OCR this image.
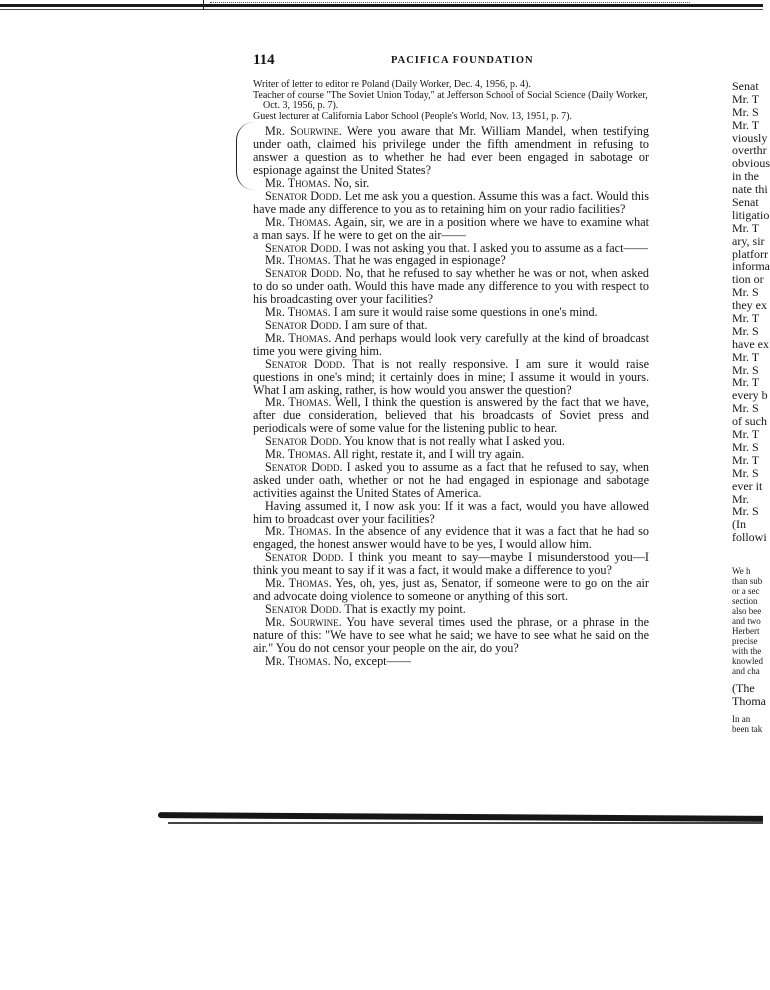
114	PACIFICA FOUNDATION
Writer of letter to editor re Poland (Daily Worker, Dec. 4, 1956, p. 4).
Teacher of course "The Soviet Union Today," at Jefferson School of Social Science (Daily Worker, Oct. 3, 1956, p. 7).
Guest lecturer at California Labor School (People's World, Nov. 13, 1951, p. 7).

Mr. Sourwine. Were you aware that Mr. William Mandel, when testifying under oath, claimed his privilege under the fifth amendment in refusing to answer a question as to whether he had ever been engaged in sabotage or espionage against the United States?

Mr. Thomas. No, sir.

Senator Dodd. Let me ask you a question. Assume this was a fact. Would this have made any difference to you as to retaining him on your radio facilities?

Mr. Thomas. Again, sir, we are in a position where we have to examine what a man says. If he were to get on the air——

Senator Dodd. I was not asking you that. I asked you to assume as a fact——

Mr. Thomas. That he was engaged in espionage?

Senator Dodd. No, that he refused to say whether he was or not, when asked to do so under oath. Would this have made any difference to you with respect to his broadcasting over your facilities?

Mr. Thomas. I am sure it would raise some questions in one's mind.

Senator Dodd. I am sure of that.

Mr. Thomas. And perhaps would look very carefully at the kind of broadcast time you were giving him.

Senator Dodd. That is not really responsive. I am sure it would raise questions in one's mind; it certainly does in mine; I assume it would in yours. What I am asking, rather, is how would you answer the question?

Mr. Thomas. Well, I think the question is answered by the fact that we have, after due consideration, believed that his broadcasts of Soviet press and periodicals were of some value for the listening public to hear.

Senator Dodd. You know that is not really what I asked you.

Mr. Thomas. All right, restate it, and I will try again.

Senator Dodd. I asked you to assume as a fact that he refused to say, when asked under oath, whether or not he had engaged in espionage and sabotage activities against the United States of America.

Having assumed it, I now ask you: If it was a fact, would you have allowed him to broadcast over your facilities?

Mr. Thomas. In the absence of any evidence that it was a fact that he had so engaged, the honest answer would have to be yes, I would allow him.

Senator Dodd. I think you meant to say—maybe I misunderstood you—I think you meant to say if it was a fact, it would make a difference to you?

Mr. Thomas. Yes, oh, yes, just as, Senator, if someone were to go on the air and advocate doing violence to someone or anything of this sort.

Senator Dodd. That is exactly my point.

Mr. Sourwine. You have several times used the phrase, or a phrase in the nature of this: "We have to see what he said; we have to see what he said on the air." You do not censor your people on the air, do you?

Mr. Thomas. No, except——

Senat
Mr. T
Mr. S
Mr. T
viously
overthr
obvious
in the
nate thi
Senat
litigatio
Mr. T
ary, sir
platforr
informa
tion or
Mr. S
they ex
Mr. T
Mr. S
have ex
Mr. T
Mr. S
Mr. T
every b
Mr. S
of such
Mr. T
Mr. S
Mr. T
Mr. S
ever it
Mr.
Mr. S
(In
followi
We h
than sub
or a sec
section
also bee
and two
Herbert
precise
with the
knowled
and cha
(The
Thoma
In an
been tak
